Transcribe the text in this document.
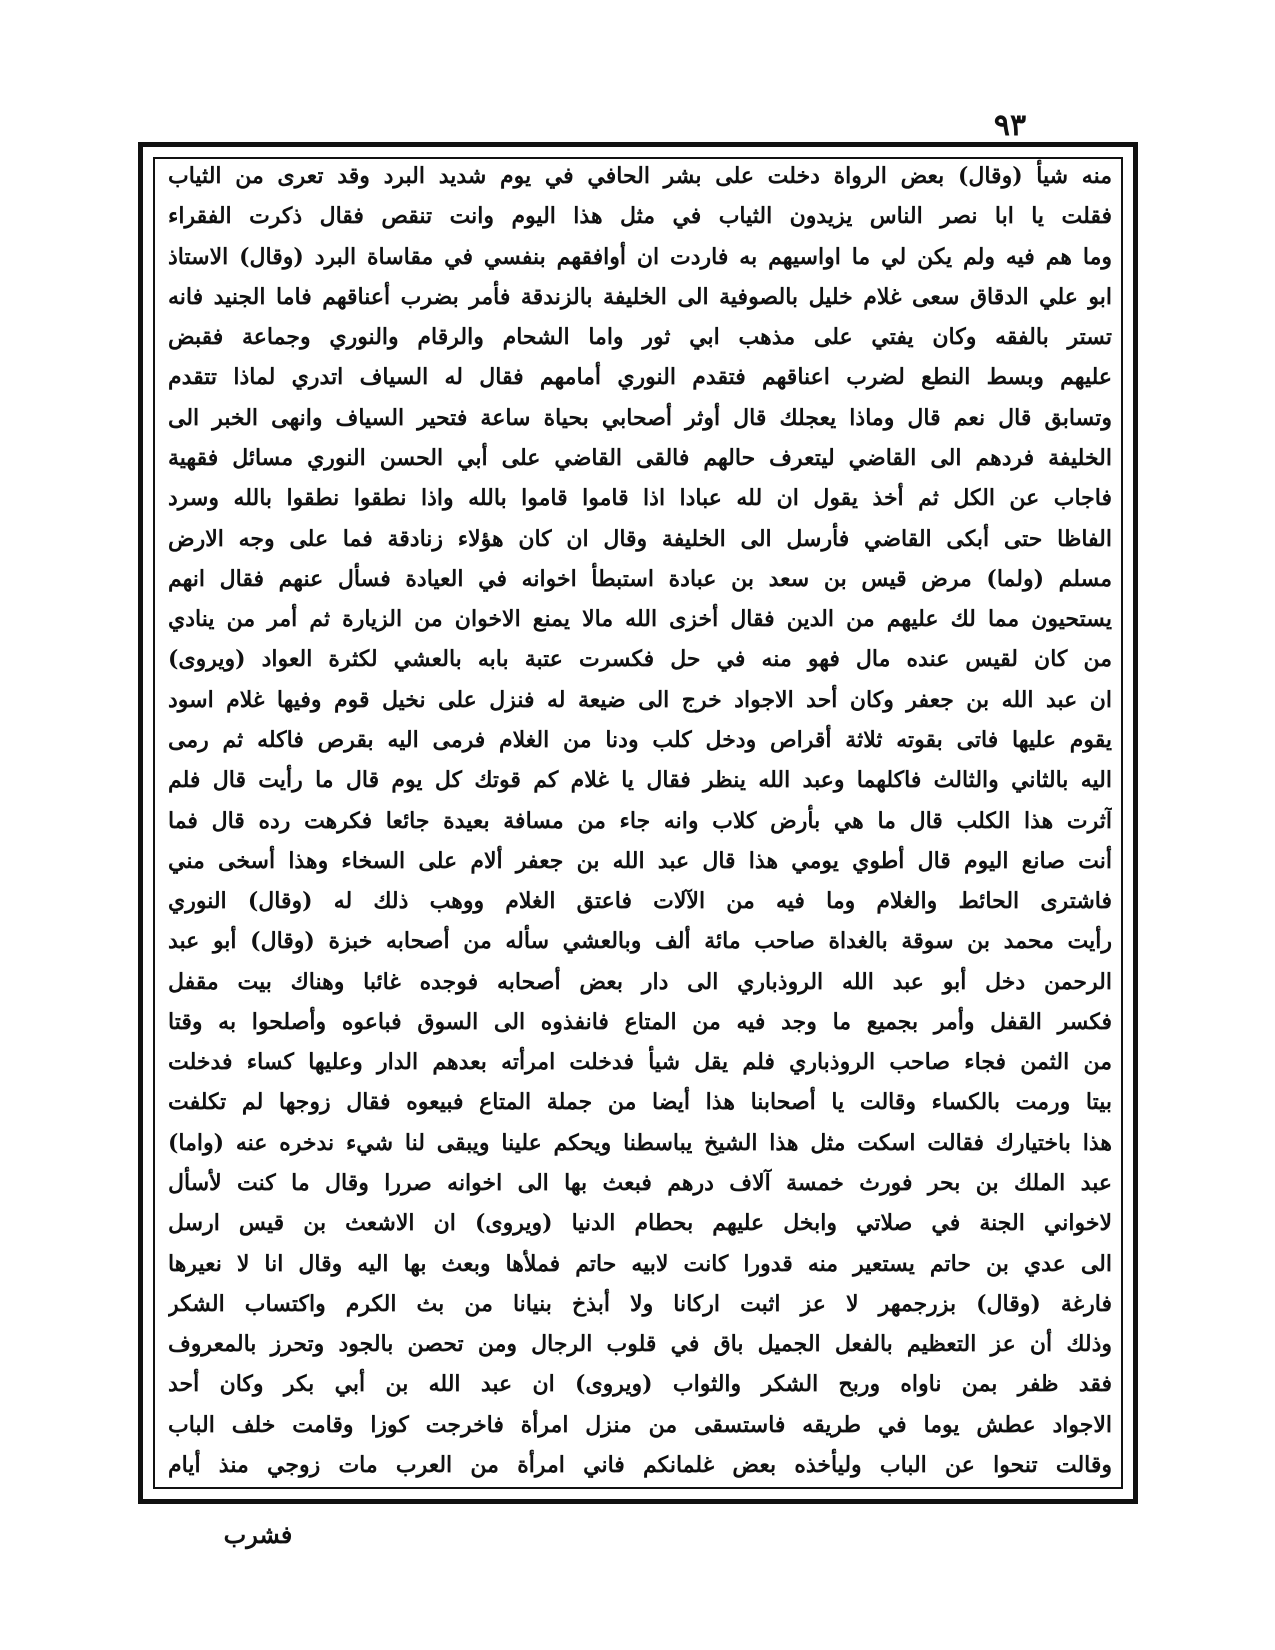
٩٣
منه شيأ (وقال) بعض الرواة دخلت على بشر الحافي في يوم شديد البرد وقد تعرى من الثياب
فقلت يا ابا نصر الناس يزيدون الثياب في مثل هذا اليوم وانت تنقص فقال ذكرت الفقراء
وما هم فيه ولم يكن لي ما اواسيهم به فاردت ان أوافقهم بنفسي في مقاساة البرد (وقال) الاستاذ
ابو علي الدقاق سعى غلام خليل بالصوفية الى الخليفة بالزندقة فأمر بضرب أعناقهم فاما الجنيد فانه
تستر بالفقه وكان يفتي على مذهب ابي ثور واما الشحام والرقام والنوري وجماعة فقبض
عليهم وبسط النطع لضرب اعناقهم فتقدم النوري أمامهم فقال له السياف اتدري لماذا تتقدم
وتسابق قال نعم قال وماذا يعجلك قال أوثر أصحابي بحياة ساعة فتحير السياف وانهى الخبر الى
الخليفة فردهم الى القاضي ليتعرف حالهم فالقى القاضي على أبي الحسن النوري مسائل فقهية
فاجاب عن الكل ثم أخذ يقول ان لله عبادا اذا قاموا قاموا بالله واذا نطقوا نطقوا بالله وسرد
الفاظا حتى أبكى القاضي فأرسل الى الخليفة وقال ان كان هؤلاء زنادقة فما على وجه الارض
مسلم (ولما) مرض قيس بن سعد بن عبادة استبطأ اخوانه في العيادة فسأل عنهم فقال انهم
يستحيون مما لك عليهم من الدين فقال أخزى الله مالا يمنع الاخوان من الزيارة ثم أمر من ينادي
من كان لقيس عنده مال فهو منه في حل فكسرت عتبة بابه بالعشي لكثرة العواد (ويروى)
ان عبد الله بن جعفر وكان أحد الاجواد خرج الى ضيعة له فنزل على نخيل قوم وفيها غلام اسود
يقوم عليها فاتى بقوته ثلاثة أقراص ودخل كلب ودنا من الغلام فرمى اليه بقرص فاكله ثم رمى
اليه بالثاني والثالث فاكلهما وعبد الله ينظر فقال يا غلام كم قوتك كل يوم قال ما رأيت قال فلم
آثرت هذا الكلب قال ما هي بأرض كلاب وانه جاء من مسافة بعيدة جائعا فكرهت رده قال فما
أنت صانع اليوم قال أطوي يومي هذا قال عبد الله بن جعفر ألام على السخاء وهذا أسخى مني
فاشترى الحائط والغلام وما فيه من الآلات فاعتق الغلام ووهب ذلك له (وقال) النوري
رأيت محمد بن سوقة بالغداة صاحب مائة ألف وبالعشي سأله من أصحابه خبزة (وقال) أبو عبد
الرحمن دخل أبو عبد الله الروذباري الى دار بعض أصحابه فوجده غائبا وهناك بيت مقفل
فكسر القفل وأمر بجميع ما وجد فيه من المتاع فانفذوه الى السوق فباعوه وأصلحوا به وقتا
من الثمن فجاء صاحب الروذباري فلم يقل شيأ فدخلت امرأته بعدهم الدار وعليها كساء فدخلت
بيتا ورمت بالكساء وقالت يا أصحابنا هذا أيضا من جملة المتاع فبيعوه فقال زوجها لم تكلفت
هذا باختيارك فقالت اسكت مثل هذا الشيخ يباسطنا ويحكم علينا ويبقى لنا شيء ندخره عنه (واما)
عبد الملك بن بحر فورث خمسة آلاف درهم فبعث بها الى اخوانه صررا وقال ما كنت لأسأل
لاخواني الجنة في صلاتي وابخل عليهم بحطام الدنيا (ويروى) ان الاشعث بن قيس ارسل
الى عدي بن حاتم يستعير منه قدورا كانت لابيه حاتم فملأها وبعث بها اليه وقال انا لا نعيرها
فارغة (وقال) بزرجمهر لا عز اثبت اركانا ولا أبذخ بنيانا من بث الكرم واكتساب الشكر
وذلك أن عز التعظيم بالفعل الجميل باق في قلوب الرجال ومن تحصن بالجود وتحرز بالمعروف
فقد ظفر بمن ناواه وربح الشكر والثواب (ويروى) ان عبد الله بن أبي بكر وكان أحد
الاجواد عطش يوما في طريقه فاستسقى من منزل امرأة فاخرجت كوزا وقامت خلف الباب
وقالت تنحوا عن الباب وليأخذه بعض غلمانكم فاني امرأة من العرب مات زوجي منذ أيام
فشرب
